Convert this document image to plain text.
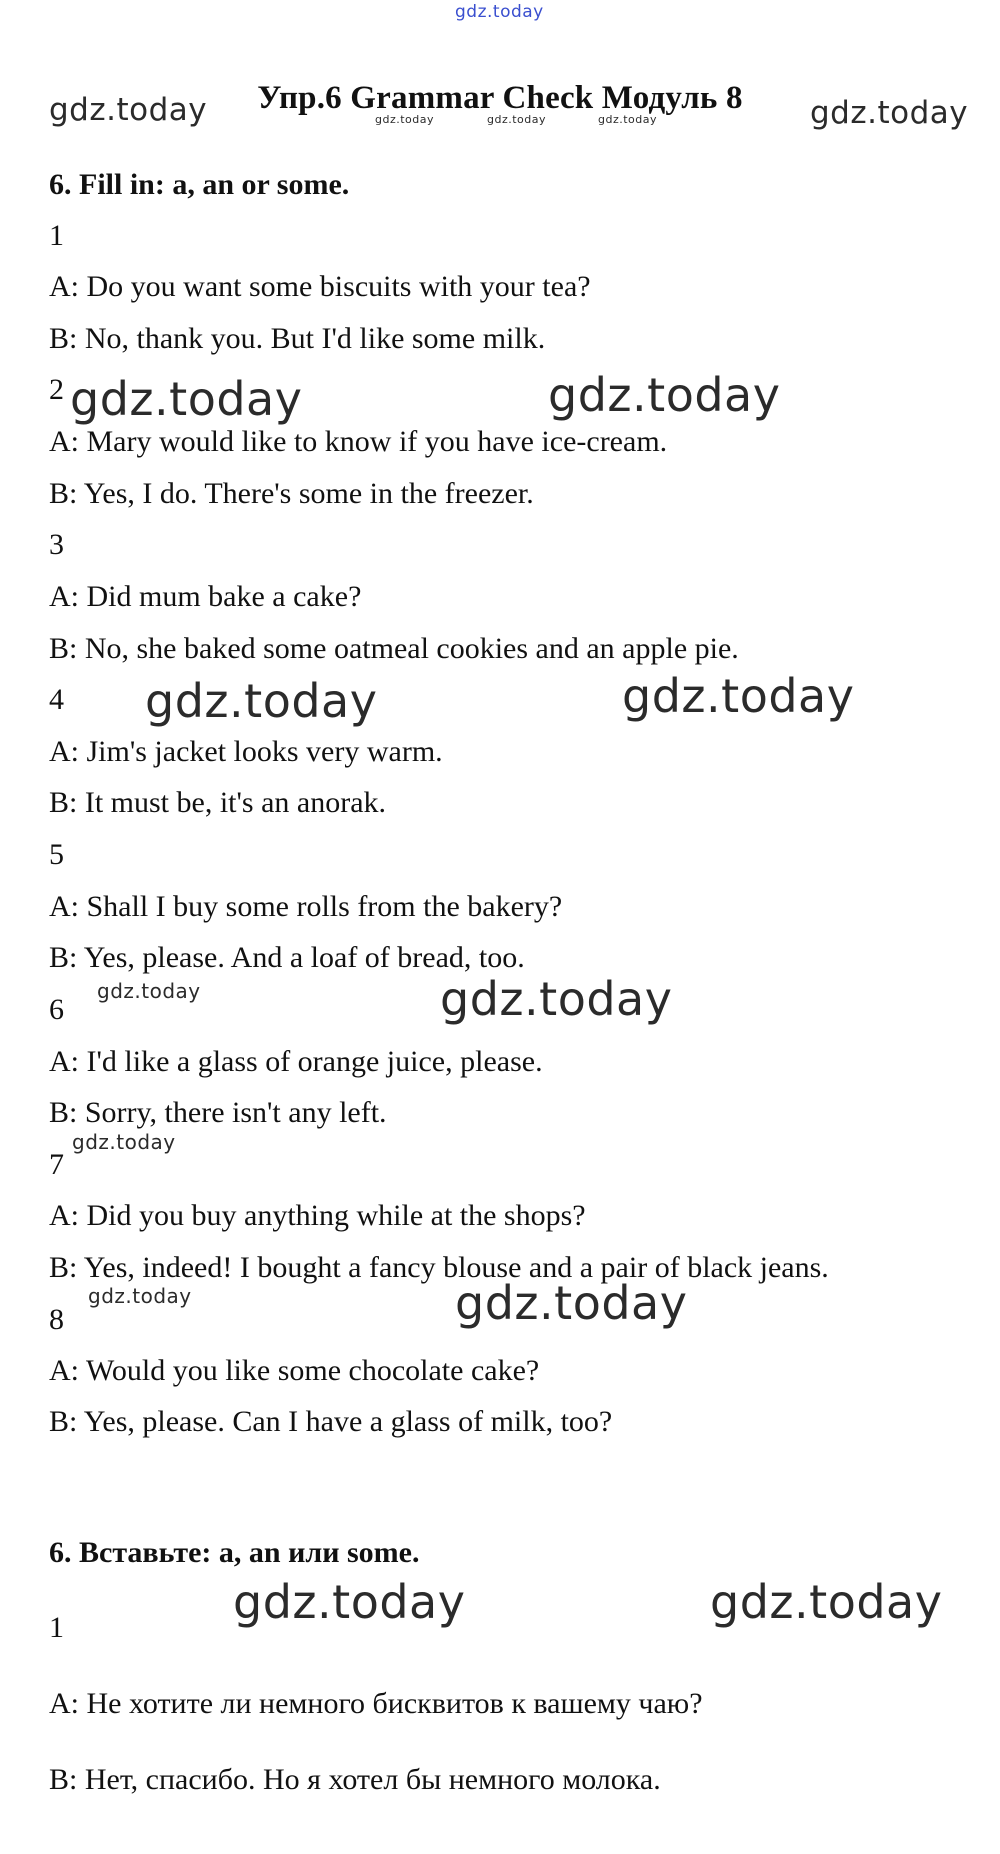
gdz.today
gdz.today	gdz.today
gdz.today	gdz.today	gdz.today
gdz.today	gdz.today
gdz.today	gdz.today
gdz.today	gdz.today
gdz.today
gdz.today	gdz.today
gdz.today	gdz.today
Упр.6 Grammar Check Модуль 8
6. Fill in: a, an or some.
1
A: Do you want some biscuits with your tea?
B: No, thank you. But I'd like some milk.
2
A: Mary would like to know if you have ice-cream.
B: Yes, I do. There's some in the freezer.
3
A: Did mum bake a cake?
B: No, she baked some oatmeal cookies and an apple pie.
4
A: Jim's jacket looks very warm.
B: It must be, it's an anorak.
5
A: Shall I buy some rolls from the bakery?
B: Yes, please. And a loaf of bread, too.
6
A: I'd like a glass of orange juice, please.
B: Sorry, there isn't any left.
7
A: Did you buy anything while at the shops?
B: Yes, indeed! I bought a fancy blouse and a pair of black jeans.
8
A: Would you like some chocolate cake?
B: Yes, please. Can I have a glass of milk, too?
6. Вставьте: a, an или some.
1
A: Не хотите ли немного бисквитов к вашему чаю?
B: Нет, спасибо. Но я хотел бы немного молока.
